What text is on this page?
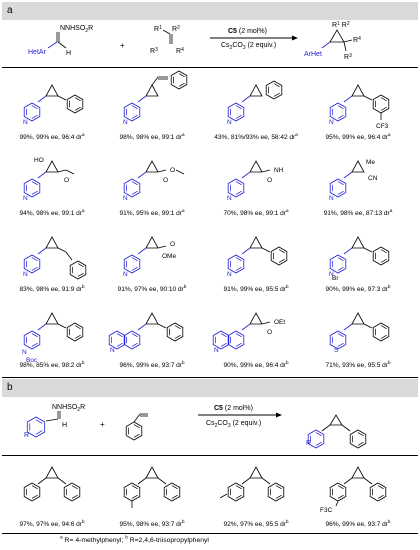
a
$NNHSO_2R$
HetAr	H
+
$R^1$ $R^2$
$R^3$	$R^4$
C5 (2 mol%)
$Cs_2CO_3$ (2 equiv.)
$R^1$ $R^2$
$R^4$
$R^3$
ArHet
N	N	N	N
CF3
N
HO
O
N
O
O
N
O
NH
N
Me
CN
N	N
O
OMe
N	N
Br
N
Boc
N
O
OEt
N	S
99%, 99% ee, 96:4 $dr^a$	98%, 98% ee, 99:1 $dr^a$	43%, 81%/93% ee, 58:42 $dr^a$	95%, 99% ee, 96:4 $dr^a$
94%, 98% ee, 99:1 $dr^a$	91%, 95% ee, 99:1 $dr^a$	70%, 98% ee, 99:1 $dr^a$	91%, 98% ee, 87:13 $dr^a$
83%, 98% ee, 91:9 $dr^b$	91%, 97% ee, 90:10 $dr^b$	91%, 99% ee, 95:5 $dr^b$	90%, 99% ee, 97:3 $dr^b$
98%, 85% ee, 98:2 $dr^b$	96%, 99% ee, 93:7 $dr^b$	90%, 99% ee, 96:4 $dr^b$	71%, 93% ee, 95:5 $dr^b$
b
$NNHSO_2R$
H
R
+
C5 (2 mol%)
$Cs_2CO_3$ (2 equiv.)
R
F3C
97%, 97% ee, 94:6 $dr^b$	95%, 98% ee, 93:7 $dr^b$	92%, 97% ee, 95:5 $dr^b$	96%, 99% ee, 93:7 $dr^b$
$^a$ R= 4-methylphenyl; $^b$ R=2,4,6-triisopropylphenyl
